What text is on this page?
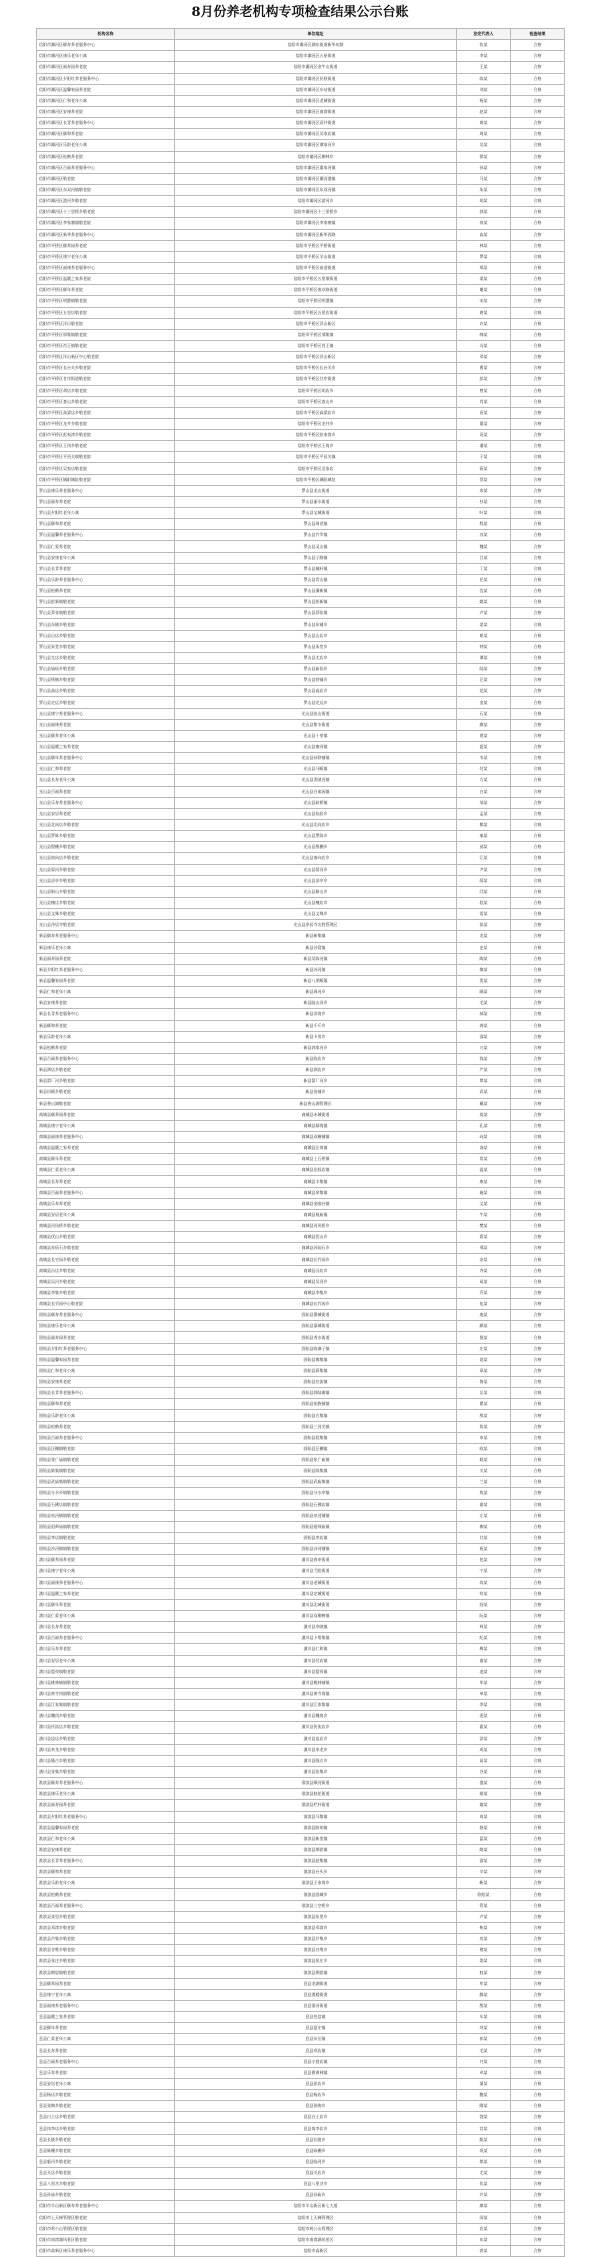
8月份养老机构专项检查结果公示台账
机构名称	单位地址	法定代表人	检查结果
信阳市浉河区颐寿养老服务中心	信阳市浉河区湖东街道新华东路	张某	合格
信阳市浉河区康乐老年公寓	信阳市浉河区五星街道	李某	合格
信阳市浉河区福寿园养老院	信阳市浉河区金牛山街道	王某	合格
信阳市浉河区夕阳红养老服务中心	信阳市浉河区民权街道	陈某	合格
信阳市浉河区温馨家园养老院	信阳市浉河区车站街道	刘某	合格
信阳市浉河区仁和老年公寓	信阳市浉河区老城街道	杨某	合格
信阳市浉河区安康养老院	信阳市浉河区南湾街道	赵某	合格
信阳市浉河区长青养老服务中心	信阳市浉河区双井街道	黄某	合格
信阳市浉河区颐和养老院	信阳市浉河区吴家店镇	周某	合格
信阳市浉河区乐龄老年公寓	信阳市浉河区谭家河乡	吴某	合格
信阳市浉河区松鹤养老院	信阳市浉河区柳林乡	徐某	合格
信阳市浉河区百福养老服务中心	信阳市浉河区董家河镇	孙某	合格
信阳市浉河区敬老院	信阳市浉河区浉河港镇	马某	合格
信阳市浉河区东双河镇敬老院	信阳市浉河区东双河镇	朱某	合格
信阳市浉河区游河乡敬老院	信阳市浉河区游河乡	胡某	合格
信阳市浉河区十三里桥乡敬老院	信阳市浉河区十三里桥乡	郭某	合格
信阳市浉河区李家寨镇敬老院	信阳市浉河区李家寨镇	何某	合格
信阳市浉河区新华养老服务中心	信阳市浉河区新华西路	高某	合格
信阳市平桥区颐养园养老院	信阳市平桥区平桥街道	林某	合格
信阳市平桥区康宁老年公寓	信阳市平桥区羊山街道	罗某	合格
信阳市平桥区福康养老服务中心	信阳市平桥区前进街道	郑某	合格
信阳市平桥区温暖之家养老院	信阳市平桥区五里墩街道	梁某	合格
信阳市平桥区颐年养老院	信阳市平桥区南京路街道	谢某	合格
信阳市平桥区明港镇敬老院	信阳市平桥区明港镇	宋某	合格
信阳市平桥区五里店敬老院	信阳市平桥区五里店街道	唐某	合格
信阳市平桥区洋山敬老院	信阳市平桥区洋山新区	许某	合格
信阳市平桥区邢集镇敬老院	信阳市平桥区邢集镇	韩某	合格
信阳市平桥区肖王镇敬老院	信阳市平桥区肖王镇	冯某	合格
信阳市平桥区洋山新区中心敬老院	信阳市平桥区洋山新区	邓某	合格
信阳市平桥区长台关乡敬老院	信阳市平桥区长台关乡	曹某	合格
信阳市平桥区甘岸街道敬老院	信阳市平桥区甘岸街道	彭某	合格
信阳市平桥区胡店乡敬老院	信阳市平桥区胡店乡	曾某	合格
信阳市平桥区查山乡敬老院	信阳市平桥区查山乡	肖某	合格
信阳市平桥区高梁店乡敬老院	信阳市平桥区高梁店乡	田某	合格
信阳市平桥区龙井乡敬老院	信阳市平桥区龙井乡	董某	合格
信阳市平桥区彭家湾乡敬老院	信阳市平桥区彭家湾乡	袁某	合格
信阳市平桥区王岗乡敬老院	信阳市平桥区王岗乡	潘某	合格
信阳市平桥区平昌关镇敬老院	信阳市平桥区平昌关镇	于某	合格
信阳市平桥区吴家店敬老院	信阳市平桥区吴家店	蒋某	合格
信阳市平桥区城阳城址敬老院	信阳市平桥区城阳城址	蔡某	合格
罗山县康乐养老服务中心	罗山县龙山街道	余某	合格
罗山县福寿养老院	罗山县丽水街道	杜某	合格
罗山县夕阳红老年公寓	罗山县宝城街道	叶某	合格
罗山县颐和养老院	罗山县周党镇	程某	合格
罗山县温馨养老服务中心	罗山县竹竿镇	苏某	合格
罗山县仁爱养老院	罗山县灵山镇	魏某	合格
罗山县安康老年公寓	罗山县子路镇	吕某	合格
罗山县长青养老院	罗山县楠杆镇	丁某	合格
罗山县乐龄养老服务中心	罗山县青山镇	任某	合格
罗山县松鹤养老院	罗山县潘新镇	沈某	合格
罗山县彭新镇敬老院	罗山县彭新镇	姚某	合格
罗山县莽张镇敬老院	罗山县莽张镇	卢某	合格
罗山县东铺乡敬老院	罗山县东铺乡	姜某	合格
罗山县山店乡敬老院	罗山县山店乡	崔某	合格
罗山县朱堂乡敬老院	罗山县朱堂乡	钟某	合格
罗山县尤店乡敬老院	罗山县尤店乡	谭某	合格
罗山县庙仙乡敬老院	罗山县庙仙乡	陆某	合格
罗山县铁铺乡敬老院	罗山县铁铺乡	汪某	合格
罗山县高店乡敬老院	罗山县高店乡	范某	合格
罗山县定远乡敬老院	罗山县定远乡	金某	合格
光山县康宁养老服务中心	光山县弦山街道	石某	合格
光山县福康养老院	光山县紫水街道	廖某	合格
光山县颐养老年公寓	光山县十里镇	贾某	合格
光山县温暖之家养老院	光山县寨河镇	夏某	合格
光山县颐年养老服务中心	光山县孙铁铺镇	韦某	合格
光山县仁和养老院	光山县马畈镇	付某	合格
光山县长寿老年公寓	光山县泼陂河镇	方某	合格
光山县百福养老院	光山县白雀园镇	白某	合格
光山县乐寿养老服务中心	光山县砖桥镇	邹某	合格
光山县安居养老院	光山县仙居乡	孟某	合格
光山县北向店乡敬老院	光山县北向店乡	熊某	合格
光山县罗陈乡敬老院	光山县罗陈乡	秦某	合格
光山县殷棚乡敬老院	光山县殷棚乡	邱某	合格
光山县南向店乡敬老院	光山县南向店乡	江某	合格
光山县晏河乡敬老院	光山县晏河乡	尹某	合格
光山县凉亭乡敬老院	光山县凉亭乡	薛某	合格
光山县斛山乡敬老院	光山县斛山乡	闫某	合格
光山县槐店乡敬老院	光山县槐店乡	段某	合格
光山县文殊乡敬老院	光山县文殊乡	雷某	合格
光山县净居寺敬老院	光山县净居寺名胜管理区	侯某	合格
新县颐寿养老服务中心	新县新集镇	龙某	合格
新县康乐老年公寓	新县沙窝镇	史某	合格
新县福寿园养老院	新县吴陈河镇	陶某	合格
新县夕阳红养老服务中心	新县苏河镇	黎某	合格
新县温馨家园养老院	新县八里畈镇	贺某	合格
新县仁和老年公寓	新县周河乡	顾某	合格
新县安康养老院	新县陡山河乡	毛某	合格
新县长青养老服务中心	新县浒湾乡	郝某	合格
新县颐和养老院	新县千斤乡	龚某	合格
新县乐龄老年公寓	新县卡房乡	邵某	合格
新县松鹤养老院	新县郭家河乡	万某	合格
新县百福养老服务中心	新县陈店乡	钱某	合格
新县泗店乡敬老院	新县泗店乡	严某	合格
新县箭厂河乡敬老院	新县箭厂河乡	覃某	合格
新县田铺乡敬老院	新县田铺乡	武某	合格
新县香山湖敬老院	新县香山湖管理区	戴某	合格
商城县颐养园养老院	商城县赤城街道	莫某	合格
商城县康宁老年公寓	商城县鄢岗镇	孔某	合格
商城县福康养老服务中心	商城县双椿铺镇	向某	合格
商城县温暖之家养老院	商城县汪岗镇	汤某	合格
商城县颐年养老院	商城县上石桥镇	常某	合格
商城县仁爱老年公寓	商城县达权店镇	温某	合格
商城县长寿养老院	商城县丰集镇	康某	合格
商城县百福养老服务中心	商城县余集镇	施某	合格
商城县乐寿养老院	商城县金刚台镇	文某	合格
商城县安居老年公寓	商城县观庙镇	牛某	合格
商城县河凤桥乡敬老院	商城县河凤桥乡	樊某	合格
商城县伏山乡敬老院	商城县伏山乡	葛某	合格
商城县苏仙石乡敬老院	商城县苏仙石乡	邢某	合格
商城县长竹园乡敬老院	商城县长竹园乡	安某	合格
商城县冯店乡敬老院	商城县冯店乡	齐某	合格
商城县吴河乡敬老院	商城县吴河乡	易某	合格
商城县李集乡敬老院	商城县李集乡	乔某	合格
商城县长竹园中心敬老院	商城县长竹园乡	伍某	合格
固始县颐寿养老服务中心	固始县番城街道	庞某	合格
固始县康乐老年公寓	固始县蓼城街道	颜某	合格
固始县福寿园养老院	固始县秀水街道	倪某	合格
固始县夕阳红养老服务中心	固始县陈淋子镇	庄某	合格
固始县温馨家园养老院	固始县黎集镇	聂某	合格
固始县仁和老年公寓	固始县蒋集镇	章某	合格
固始县安康养老院	固始县往流镇	鲁某	合格
固始县长青养老服务中心	固始县郭陆滩镇	岳某	合格
固始县颐和养老院	固始县胡族铺镇	翟某	合格
固始县乐龄老年公寓	固始县方集镇	殷某	合格
固始县松鹤养老院	固始县三河尖镇	詹某	合格
固始县百福养老服务中心	固始县段集镇	申某	合格
固始县汪棚镇敬老院	固始县汪棚镇	欧某	合格
固始县张广庙镇敬老院	固始县张广庙镇	耿某	合格
固始县陈集镇敬老院	固始县陈集镇	关某	合格
固始县武庙集镇敬老院	固始县武庙集镇	兰某	合格
固始县分水亭镇敬老院	固始县分水亭镇	焦某	合格
固始县石佛店镇敬老院	固始县石佛店镇	俞某	合格
固始县泉河铺镇敬老院	固始县泉河铺镇	左某	合格
固始县祖师庙镇敬老院	固始县祖师庙镇	柳某	合格
固始县李店镇敬老院	固始县李店镇	甘某	合格
固始县沙河铺镇敬老院	固始县沙河铺镇	祝某	合格
潢川县颐养园养老院	潢川县春申街道	包某	合格
潢川县康宁老年公寓	潢川县弋阳街道	宁某	合格
潢川县福康养老服务中心	潢川县老城街道	尚某	合格
潢川县温暖之家养老院	潢川县定城街道	符某	合格
潢川县颐年养老院	潢川县北城街道	舒某	合格
潢川县仁爱老年公寓	潢川县双柳树镇	阮某	合格
潢川县长寿养老院	潢川县伞陂镇	柯某	合格
潢川县百福养老服务中心	潢川县卜塔集镇	纪某	合格
潢川县乐寿养老院	潢川县仁和镇	梅某	合格
潢川县安居老年公寓	潢川县付店镇	童某	合格
潢川县踅孜镇敬老院	潢川县踅孜镇	凌某	合格
潢川县桃林铺镇敬老院	潢川县桃林铺镇	毕某	合格
潢川县黄寺岗镇敬老院	潢川县黄寺岗镇	单某	合格
潢川县江家集镇敬老院	潢川县江家集镇	季某	合格
潢川县魏岗乡敬老院	潢川县魏岗乡	裴某	合格
潢川县传流店乡敬老院	潢川县传流店乡	霍某	合格
潢川县谈店乡敬老院	潢川县谈店乡	涂某	合格
潢川县来龙乡敬老院	潢川县来龙乡	成某	合格
潢川县隆古乡敬老院	潢川县隆古乡	苗某	合格
潢川县张集乡敬老院	潢川县张集乡	谷某	合格
淮滨县颐寿养老服务中心	淮滨县顺河街道	盛某	合格
淮滨县康乐老年公寓	淮滨县桂花街道	曲某	合格
淮滨县福寿园养老院	淮滨县栏杆街道	翁某	合格
淮滨县夕阳红养老服务中心	淮滨县马集镇	冉某	合格
淮滨县温馨家园养老院	淮滨县防胡镇	骆某	合格
淮滨县仁和老年公寓	淮滨县新里镇	蓝某	合格
淮滨县安康养老院	淮滨县期思镇	路某	合格
淮滨县长青养老服务中心	淮滨县赵集镇	游某	合格
淮滨县颐和养老院	淮滨县台头乡	辛某	合格
淮滨县乐龄老年公寓	淮滨县王家岗乡	靳某	合格
淮滨县松鹤养老院	淮滨县固城乡	欧阳某	合格
淮滨县百福养老服务中心	淮滨县三空桥乡	管某	合格
淮滨县张里乡敬老院	淮滨县张里乡	卢某	合格
淮滨县邓湾乡敬老院	淮滨县邓湾乡	柴某	合格
淮滨县芦集乡敬老院	淮滨县芦集乡	房某	合格
淮滨县谷堆乡敬老院	淮滨县谷堆乡	褚某	合格
淮滨县张庄乡敬老院	淮滨县张庄乡	娄某	合格
淮滨县期思镇敬老院	淮滨县期思镇	桂某	合格
息县颐养园养老院	息县龙湖街道	牟某	合格
息县康宁老年公寓	息县谯楼街道	滕某	合格
息县福康养老服务中心	息县淮河街道	殷某	合格
息县温暖之家养老院	息县包信镇	车某	合格
息县颐年养老院	息县夏庄镇	项某	合格
息县仁爱老年公寓	息县东岳镇	祁某	合格
息县长寿养老院	息县项店镇	毛某	合格
息县百福养老服务中心	息县小茴店镇	井某	合格
息县乐寿养老院	息县曹黄林镇	卓某	合格
息县安居老年公寓	息县彭店乡	蒲某	合格
息县杨店乡敬老院	息县杨店乡	鲍某	合格
息县张陶乡敬老院	息县张陶乡	隋某	合格
息县白土店乡敬老院	息县白土店乡	饶某	合格
息县岗李店乡敬老院	息县岗李店乡	宫某	合格
息县长陵乡敬老院	息县长陵乡	甄某	合格
息县陈棚乡敬老院	息县陈棚乡	巩某	合格
息县临河乡敬老院	息县临河乡	郎某	合格
息县关店乡敬老院	息县关店乡	尤某	合格
息县八里岔乡敬老院	息县八里岔乡	仇某	合格
息县孙庙乡敬老院	息县孙庙乡	芦某	合格
信阳市羊山新区颐寿养老服务中心	信阳市羊山新区新七大道	廖某	合格
信阳市上天梯管理区敬老院	信阳市上天梯管理区	闵某	合格
信阳市鸡公山管理区敬老院	信阳市鸡公山管理区	农某	合格
信阳市南湾湖风景区敬老院	信阳市南湾湖风景区	东某	合格
信阳市高新区康乐养老服务中心	信阳市高新区	裘某	合格
